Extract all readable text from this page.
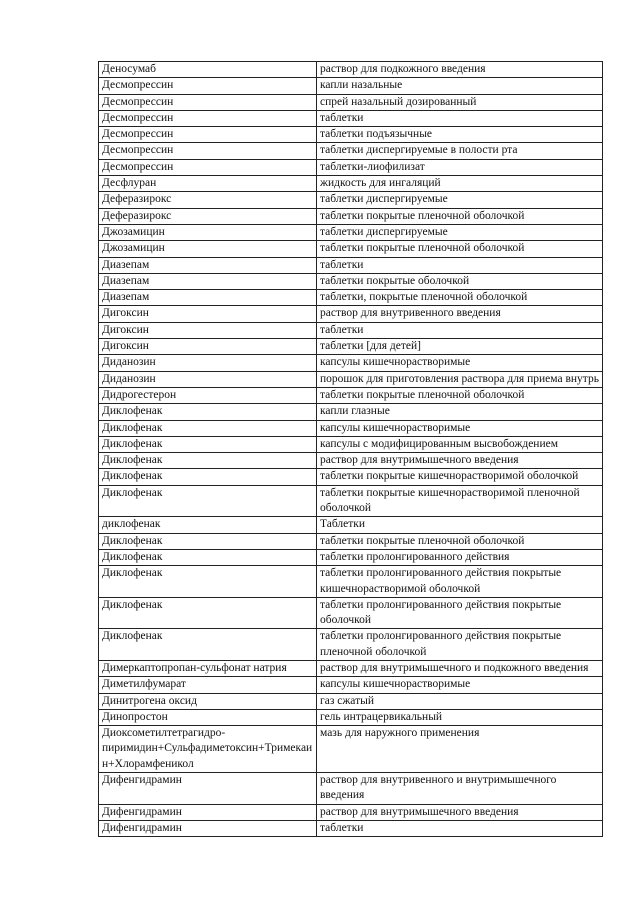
Деносумаб	раствор для подкожного введения
Десмопрессин	капли назальные
Десмопрессин	спрей назальный дозированный
Десмопрессин	таблетки
Десмопрессин	таблетки подъязычные
Десмопрессин	таблетки диспергируемые в полости рта
Десмопрессин	таблетки-лиофилизат
Десфлуран	жидкость для ингаляций
Деферазирокс	таблетки диспергируемые
Деферазирокс	таблетки покрытые пленочной оболочкой
Джозамицин	таблетки диспергируемые
Джозамицин	таблетки покрытые пленочной оболочкой
Диазепам	таблетки
Диазепам	таблетки покрытые оболочкой
Диазепам	таблетки, покрытые пленочной оболочкой
Дигоксин	раствор для внутривенного введения
Дигоксин	таблетки
Дигоксин	таблетки [для детей]
Диданозин	капсулы кишечнорастворимые
Диданозин	порошок для приготовления раствора для приема внутрь
Дидрогестерон	таблетки покрытые пленочной оболочкой
Диклофенак	капли глазные
Диклофенак	капсулы кишечнорастворимые
Диклофенак	капсулы с модифицированным высвобождением
Диклофенак	раствор для внутримышечного введения
Диклофенак	таблетки покрытые кишечнорастворимой оболочкой
Диклофенак	таблетки покрытые кишечнорастворимой пленочной оболочкой
диклофенак	Таблетки
Диклофенак	таблетки покрытые пленочной оболочкой
Диклофенак	таблетки пролонгированного действия
Диклофенак	таблетки пролонгированного действия покрытые кишечнорастворимой оболочкой
Диклофенак	таблетки пролонгированного действия покрытые оболочкой
Диклофенак	таблетки пролонгированного действия покрытые пленочной оболочкой
Димеркаптопропан-сульфонат натрия	раствор для внутримышечного и подкожного введения
Диметилфумарат	капсулы кишечнорастворимые
Динитрогена оксид	газ сжатый
Динопростон	гель интрацервикальный
Диоксометилтетрагидро-пиримидин+Сульфадиметоксин+Тримекаин+Хлорамфеникол	мазь для наружного применения
Дифенгидрамин	раствор для внутривенного и внутримышечного введения
Дифенгидрамин	раствор для внутримышечного введения
Дифенгидрамин	таблетки
